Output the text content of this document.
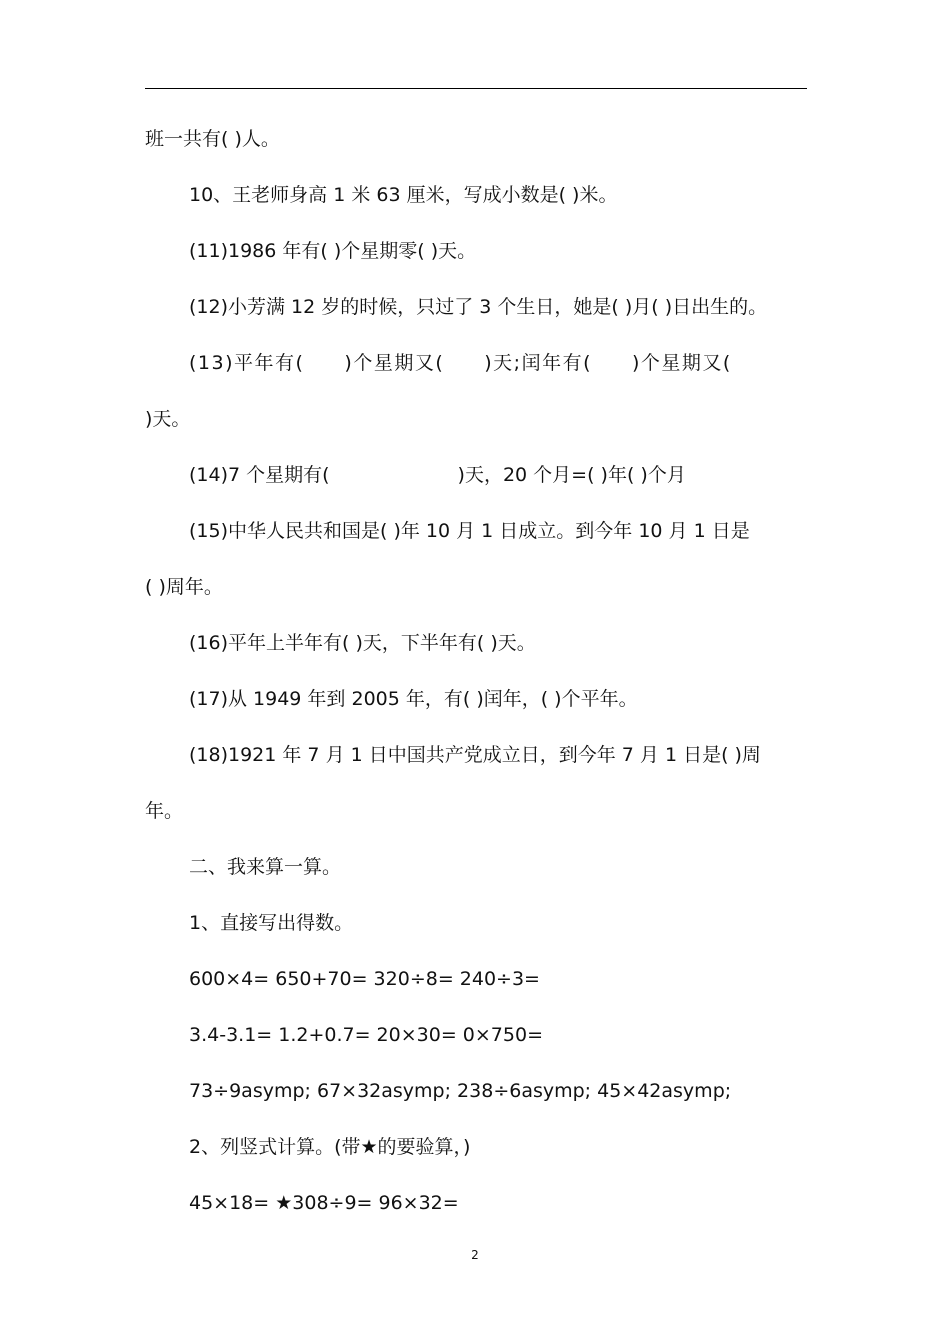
班一共有( )人。
10、王老师身高 1 米 63 厘米，写成小数是( )米。
(11)1986 年有( )个星期零( )天。
(12)小芳满 12 岁的时候，只过了 3 个生日，她是( )月( )日出生的。
(13)平年有( )个星期又( )天;闰年有( )个星期又(
)天。
(14)7 个星期有(	)天，20 个月=( )年( )个月
(15)中华人民共和国是( )年 10 月 1 日成立。到今年 10 月 1 日是
( )周年。
(16)平年上半年有( )天，下半年有( )天。
(17)从 1949 年到 2005 年，有( )闰年，( )个平年。
(18)1921 年 7 月 1 日中国共产党成立日，到今年 7 月 1 日是( )周
年。
二、我来算一算。
1、直接写出得数。
600×4= 650+70= 320÷8= 240÷3=
3.4-3.1= 1.2+0.7= 20×30= 0×750=
73÷9asymp; 67×32asymp; 238÷6asymp; 45×42asymp;
2、列竖式计算。(带★的要验算，)
45×18= ★308÷9= 96×32=
2
